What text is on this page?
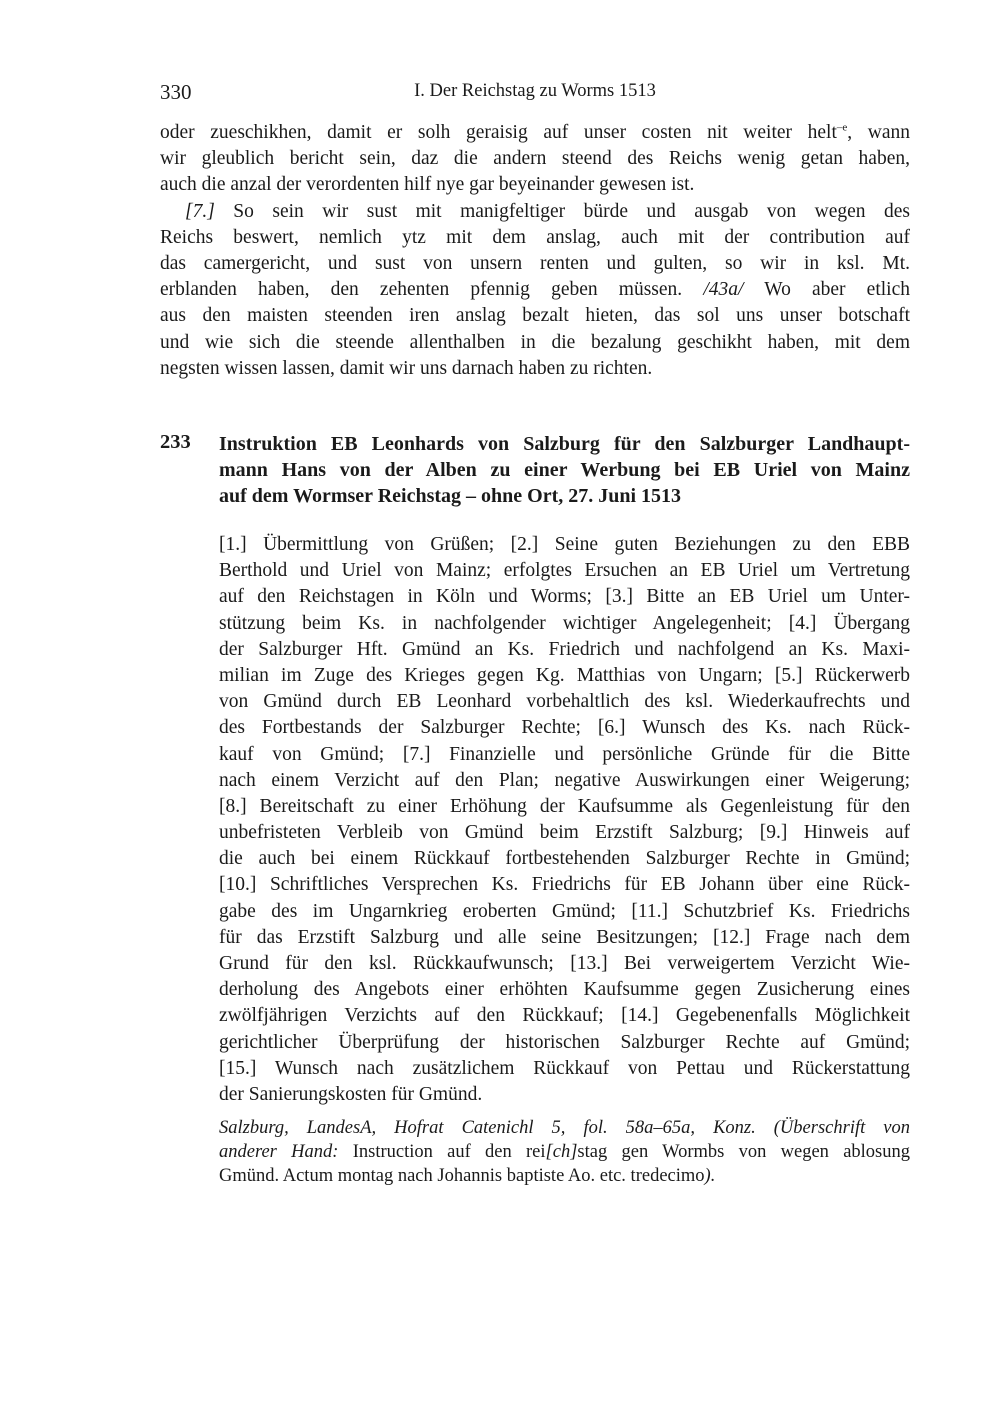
330	I. Der Reichstag zu Worms 1513
oder zueschikhen, damit er solh geraisig auf unser costen nit weiter helt$^{-e}$, wann
wir gleublich bericht sein, daz die andern steend des Reichs wenig getan haben,
auch die anzal der verordenten hilf nye gar beyeinander gewesen ist.
[7.] So sein wir sust mit manigfeltiger bürde und ausgab von wegen des
Reichs beswert, nemlich ytz mit dem anslag, auch mit der contribution auf
das camergericht, und sust von unsern renten und gulten, so wir in ksl. Mt.
erblanden haben, den zehenten pfennig geben müssen. /43a/ Wo aber etlich
aus den maisten steenden iren anslag bezalt hieten, das sol uns unser botschaft
und wie sich die steende allenthalben in die bezalung geschikht haben, mit dem
negsten wissen lassen, damit wir uns darnach haben zu richten.
233 Instruktion EB Leonhards von Salzburg für den Salzburger Landhaupt-
mann Hans von der Alben zu einer Werbung bei EB Uriel von Mainz
auf dem Wormser Reichstag – ohne Ort, 27. Juni 1513
[1.] Übermittlung von Grüßen; [2.] Seine guten Beziehungen zu den EBB
Berthold und Uriel von Mainz; erfolgtes Ersuchen an EB Uriel um Vertretung
auf den Reichstagen in Köln und Worms; [3.] Bitte an EB Uriel um Unter-
stützung beim Ks. in nachfolgender wichtiger Angelegenheit; [4.] Übergang
der Salzburger Hft. Gmünd an Ks. Friedrich und nachfolgend an Ks. Maxi-
milian im Zuge des Krieges gegen Kg. Matthias von Ungarn; [5.] Rückerwerb
von Gmünd durch EB Leonhard vorbehaltlich des ksl. Wiederkaufrechts und
des Fortbestands der Salzburger Rechte; [6.] Wunsch des Ks. nach Rück-
kauf von Gmünd; [7.] Finanzielle und persönliche Gründe für die Bitte
nach einem Verzicht auf den Plan; negative Auswirkungen einer Weigerung;
[8.] Bereitschaft zu einer Erhöhung der Kaufsumme als Gegenleistung für den
unbefristeten Verbleib von Gmünd beim Erzstift Salzburg; [9.] Hinweis auf
die auch bei einem Rückkauf fortbestehenden Salzburger Rechte in Gmünd;
[10.] Schriftliches Versprechen Ks. Friedrichs für EB Johann über eine Rück-
gabe des im Ungarnkrieg eroberten Gmünd; [11.] Schutzbrief Ks. Friedrichs
für das Erzstift Salzburg und alle seine Besitzungen; [12.] Frage nach dem
Grund für den ksl. Rückkaufwunsch; [13.] Bei verweigertem Verzicht Wie-
derholung des Angebots einer erhöhten Kaufsumme gegen Zusicherung eines
zwölfjährigen Verzichts auf den Rückkauf; [14.] Gegebenenfalls Möglichkeit
gerichtlicher Überprüfung der historischen Salzburger Rechte auf Gmünd;
[15.] Wunsch nach zusätzlichem Rückkauf von Pettau und Rückerstattung
der Sanierungskosten für Gmünd.
Salzburg, LandesA, Hofrat Catenichl 5, fol. 58a–65a, Konz. (Überschrift von
anderer Hand: Instruction auf den rei[ch]stag gen Wormbs von wegen ablosung
Gmünd. Actum montag nach Johannis baptiste Ao. etc. tredecimo).
